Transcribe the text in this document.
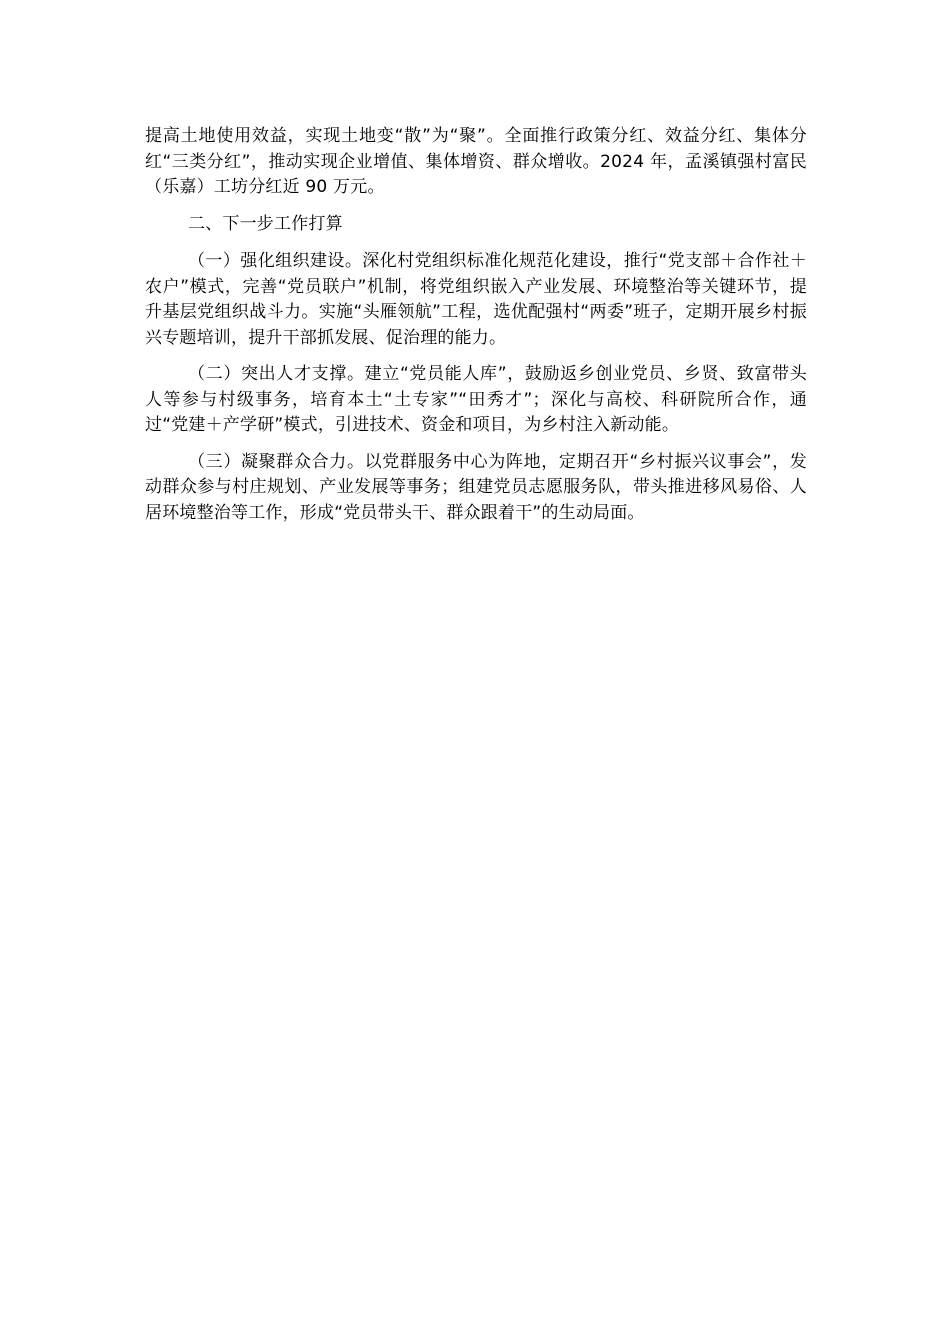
提高土地使用效益，实现土地变“散”为“聚”。全面推行政策分红、效益分红、集体分红“三类分红”，推动实现企业增值、集体增资、群众增收。2024 年，孟溪镇强村富民（乐嘉）工坊分红近 90 万元。

二、下一步工作打算

（一）强化组织建设。深化村党组织标准化规范化建设，推行“党支部＋合作社＋农户”模式，完善“党员联户”机制，将党组织嵌入产业发展、环境整治等关键环节，提升基层党组织战斗力。实施“头雁领航”工程，选优配强村“两委”班子，定期开展乡村振兴专题培训，提升干部抓发展、促治理的能力。

（二）突出人才支撑。建立“党员能人库”，鼓励返乡创业党员、乡贤、致富带头人等参与村级事务，培育本土“土专家”“田秀才”；深化与高校、科研院所合作，通过“党建＋产学研”模式，引进技术、资金和项目，为乡村注入新动能。

（三）凝聚群众合力。以党群服务中心为阵地，定期召开“乡村振兴议事会”，发动群众参与村庄规划、产业发展等事务；组建党员志愿服务队，带头推进移风易俗、人居环境整治等工作，形成“党员带头干、群众跟着干”的生动局面。
